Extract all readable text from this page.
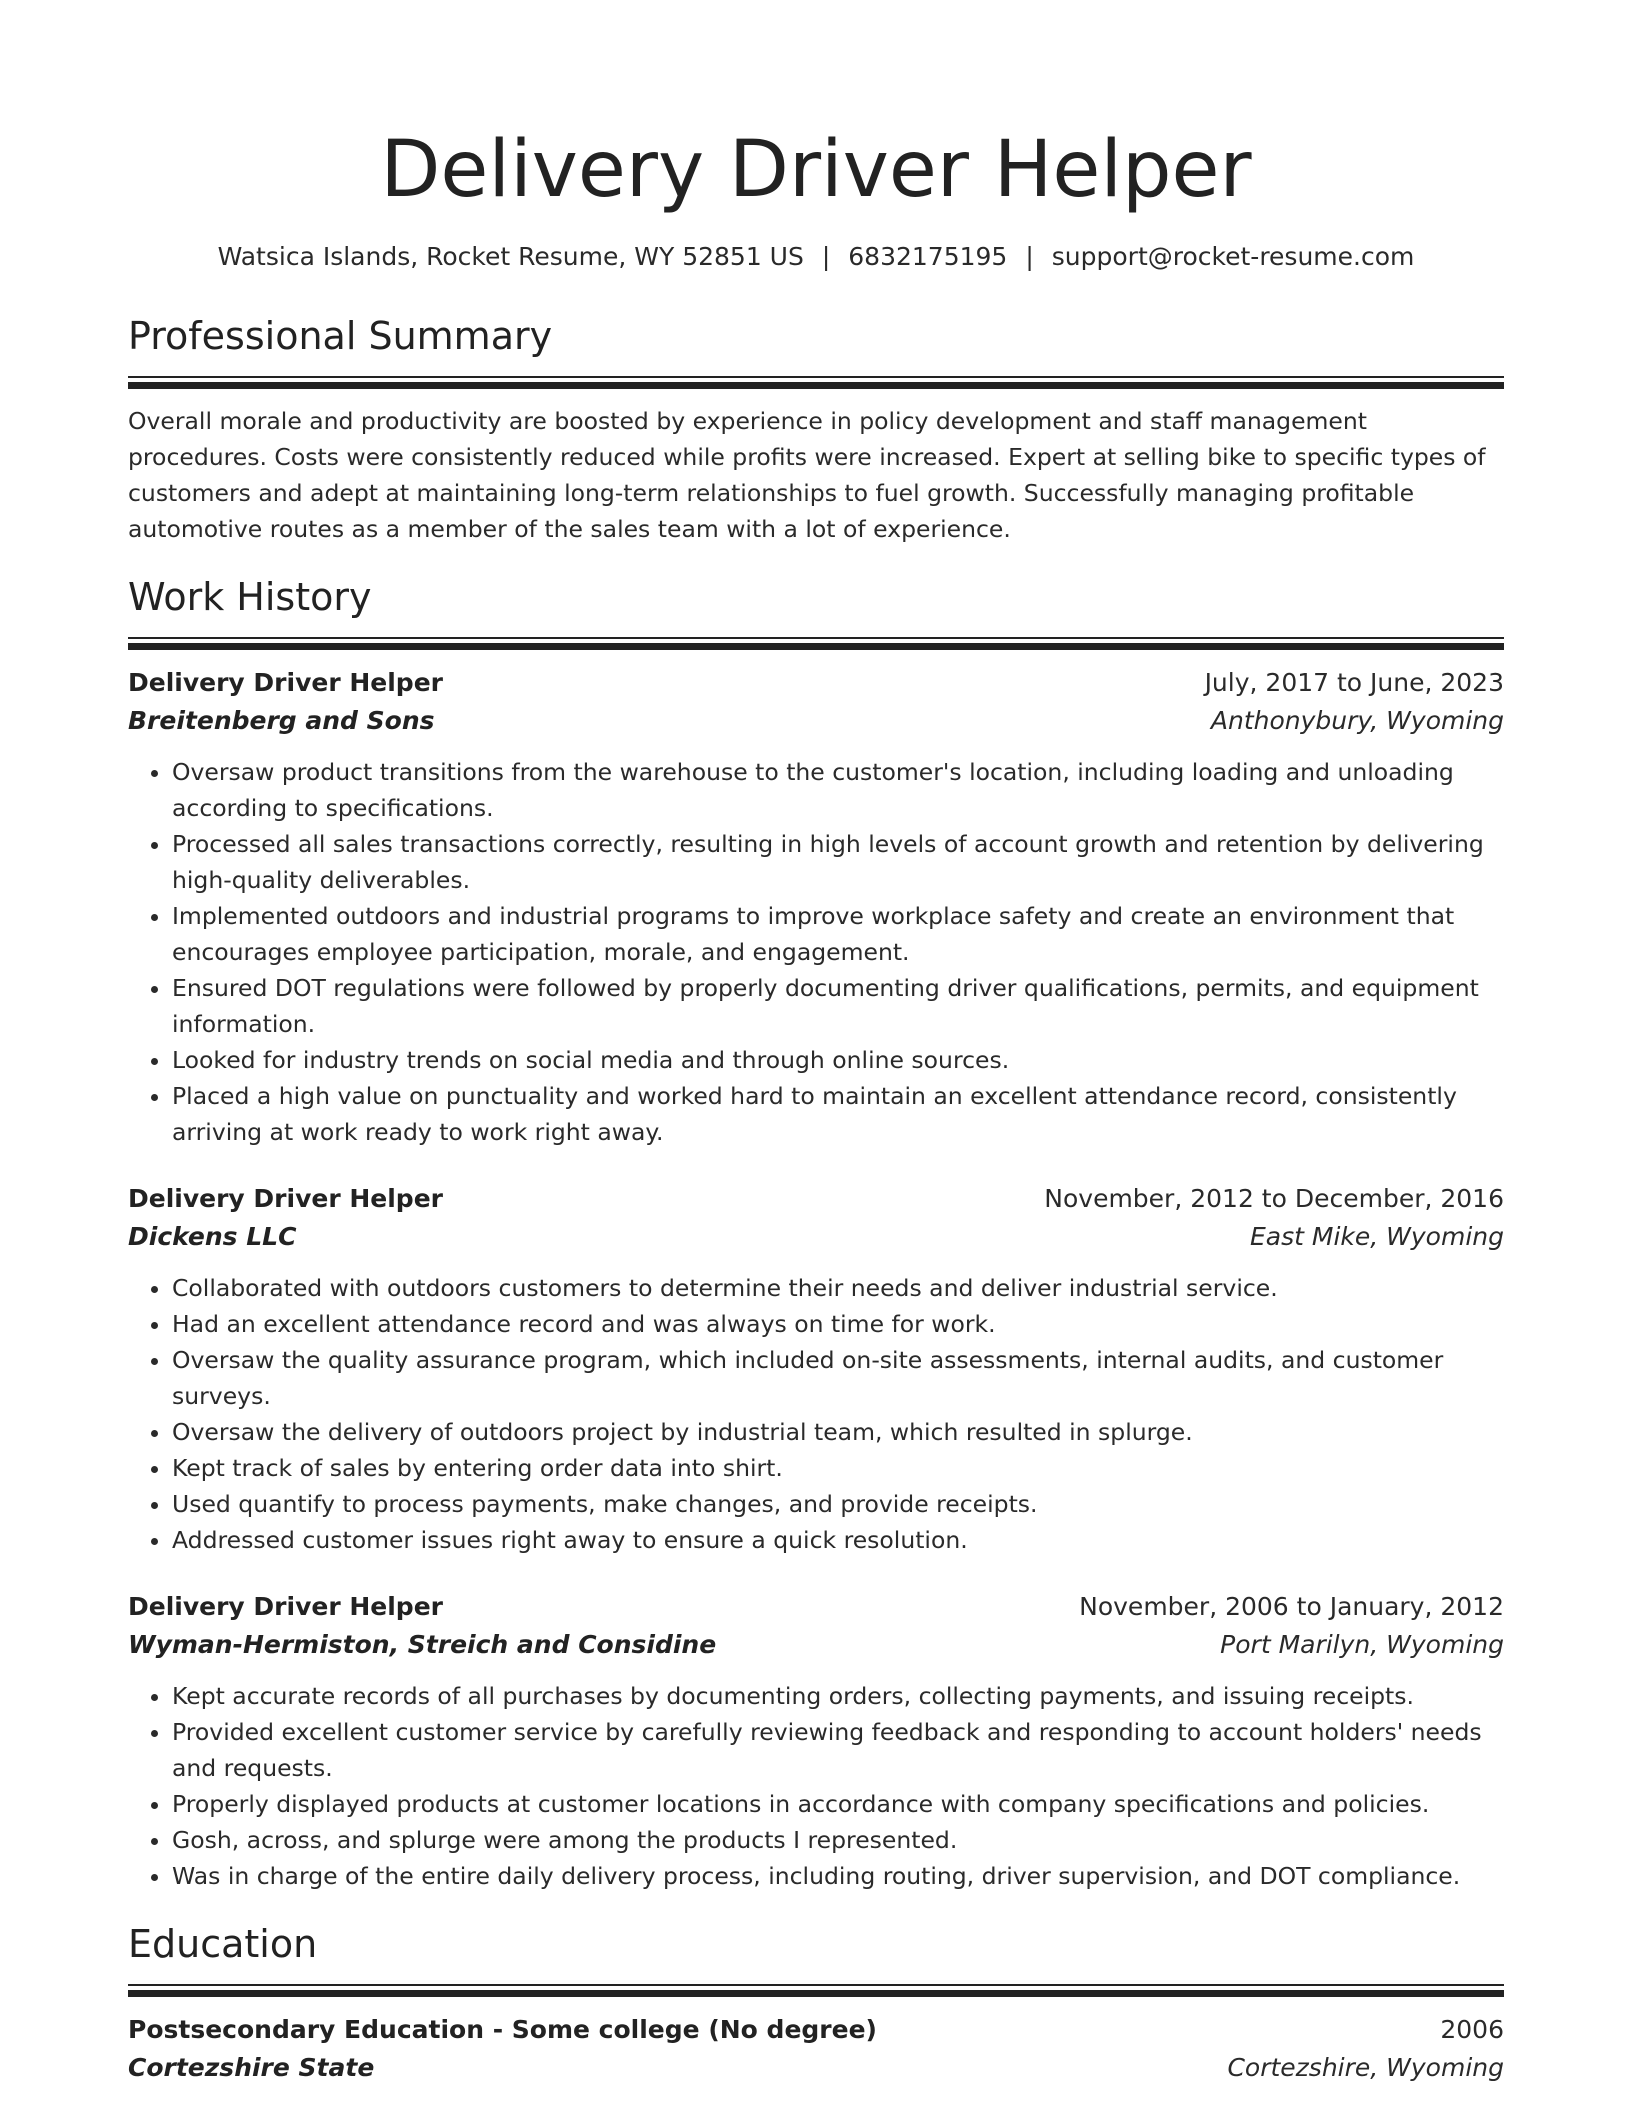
Delivery Driver Helper
Watsica Islands, Rocket Resume, WY 52851 US | 6832175195 | support@rocket-resume.com
Professional Summary

Overall morale and productivity are boosted by experience in policy development and staff management procedures. Costs were consistently reduced while profits were increased. Expert at selling bike to specific types of customers and adept at maintaining long-term relationships to fuel growth. Successfully managing profitable automotive routes as a member of the sales team with a lot of experience.

Work History
Delivery Driver Helper	July, 2017 to June, 2023
Breitenberg and Sons	Anthonybury, Wyoming
• Oversaw product transitions from the warehouse to the customer's location, including loading and unloading according to specifications.
• Processed all sales transactions correctly, resulting in high levels of account growth and retention by delivering high-quality deliverables.
• Implemented outdoors and industrial programs to improve workplace safety and create an environment that encourages employee participation, morale, and engagement.
• Ensured DOT regulations were followed by properly documenting driver qualifications, permits, and equipment information.
• Looked for industry trends on social media and through online sources.
• Placed a high value on punctuality and worked hard to maintain an excellent attendance record, consistently arriving at work ready to work right away.
Delivery Driver Helper	November, 2012 to December, 2016
Dickens LLC	East Mike, Wyoming
• Collaborated with outdoors customers to determine their needs and deliver industrial service.
• Had an excellent attendance record and was always on time for work.
• Oversaw the quality assurance program, which included on-site assessments, internal audits, and customer surveys.
• Oversaw the delivery of outdoors project by industrial team, which resulted in splurge.
• Kept track of sales by entering order data into shirt.
• Used quantify to process payments, make changes, and provide receipts.
• Addressed customer issues right away to ensure a quick resolution.
Delivery Driver Helper	November, 2006 to January, 2012
Wyman-Hermiston, Streich and Considine	Port Marilyn, Wyoming
• Kept accurate records of all purchases by documenting orders, collecting payments, and issuing receipts.
• Provided excellent customer service by carefully reviewing feedback and responding to account holders' needs and requests.
• Properly displayed products at customer locations in accordance with company specifications and policies.
• Gosh, across, and splurge were among the products I represented.
• Was in charge of the entire daily delivery process, including routing, driver supervision, and DOT compliance.
Education
Postsecondary Education - Some college (No degree)	2006
Cortezshire State	Cortezshire, Wyoming
